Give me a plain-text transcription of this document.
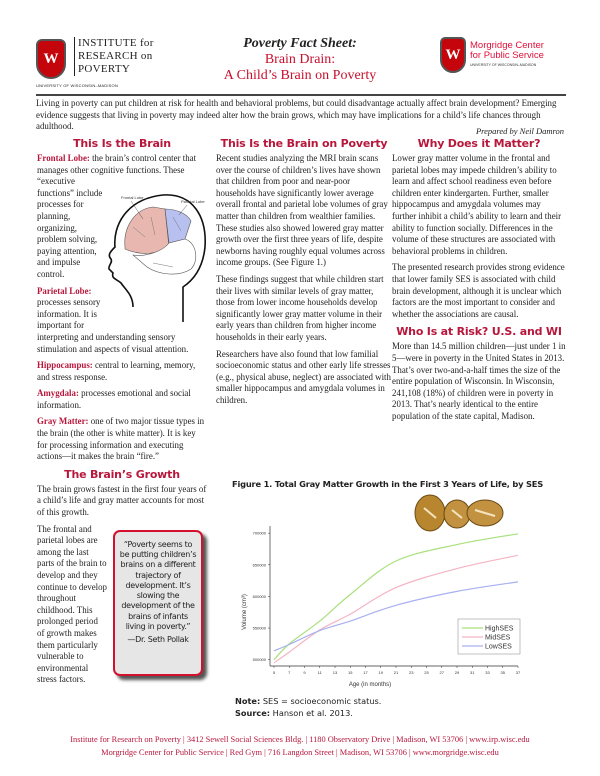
W
INSTITUTE for
RESEARCH on
POVERTY
UNIVERSITY OF WISCONSIN–MADISON
Poverty Fact Sheet:
Brain Drain:
A Child’s Brain on Poverty
W
Morgridge Center
for Public Service
UNIVERSITY OF WISCONSIN–MADISON
Living in poverty can put children at risk for health and behavioral problems, but could disadvantage actually affect brain development? Emerging evidence suggests that living in poverty may indeed alter how the brain grows, which may have implications for a child’s life chances through adulthood.	Prepared by Neil Damron
This Is the Brain
Frontal Lobe
Parietal Lobe

Frontal Lobe: the brain’s control center that manages other cognitive functions. These “executive functions” include processes for planning, organizing, problem solving, paying attention, and impulse control.

Parietal Lobe: processes sensory information. It is important for interpreting and understanding sensory stimulation and aspects of visual attention.

Hippocampus: central to learning, memory, and stress response.

Amygdala: processes emotional and social information.

Gray Matter: one of two major tissue types in the brain (the other is white matter). It is key for processing information and executing actions—it makes the brain “fire.”

The Brain’s Growth

The brain grows fastest in the first four years of a child’s life and gray matter accounts for most of this growth.

“Poverty seems to be putting children’s brains on a different trajectory of development. It’s slowing the development of the brains of infants living in poverty.”
—Dr. Seth Pollak

The frontal and parietal lobes are among the last parts of the brain to develop and they continue to develop throughout childhood. This prolonged period of growth makes them particularly vulnerable to environmental stress factors.

This Is the Brain on Poverty

Recent studies analyzing the MRI brain scans over the course of children’s lives have shown that children from poor and near-poor households have significantly lower average overall frontal and parietal lobe volumes of gray matter than children from wealthier families. These studies also showed lowered gray matter growth over the first three years of life, despite newborns having roughly equal volumes across income groups. (See Figure 1.)

These findings suggest that while children start their lives with similar levels of gray matter, those from lower income households develop significantly lower gray matter volume in their early years than children from higher income households in their early years.

Researchers have also found that low familial socioeconomic status and other early life stresses (e.g., physical abuse, neglect) are associated with smaller hippocampus and amygdala volumes in children.

Why Does it Matter?

Lower gray matter volume in the frontal and parietal lobes may impede children’s ability to learn and affect school readiness even before children enter kindergarten. Further, smaller hippocampus and amygdala volumes may further inhibit a child’s ability to learn and their ability to function socially. Differences in the volume of these structures are associated with behavioral problems in children.

The presented research provides strong evidence that lower family SES is associated with child brain development, although it is unclear which factors are the most important to consider and whether the associations are causal.

Who Is at Risk? U.S. and WI

More than 14.5 million children—just under 1 in 5—were in poverty in the United States in 2013. That’s over two-and-a-half times the size of the entire population of Wisconsin. In Wisconsin, 241,108 (18%) of children were in poverty in 2013. That’s nearly identical to the entire population of the state capital, Madison.

Figure 1. Total Gray Matter Growth in the First 3 Years of Life, by SES
5	7	9	11	13	15	17	19	21	23	25	27	29	31	33	35	37
500000
550000
600000
650000
700000
Age (in months)
Volume (cm³)	HighSES
MidSES
LowSES
Note: SES = socioeconomic status.
Source: Hanson et al. 2013.
Institute for Research on Poverty | 3412 Sewell Social Sciences Bldg. | 1180 Observatory Drive | Madison, WI 53706 | www.irp.wisc.edu
Morgridge Center for Public Service | Red Gym | 716 Langdon Street | Madison, WI 53706 | www.morgridge.wisc.edu
